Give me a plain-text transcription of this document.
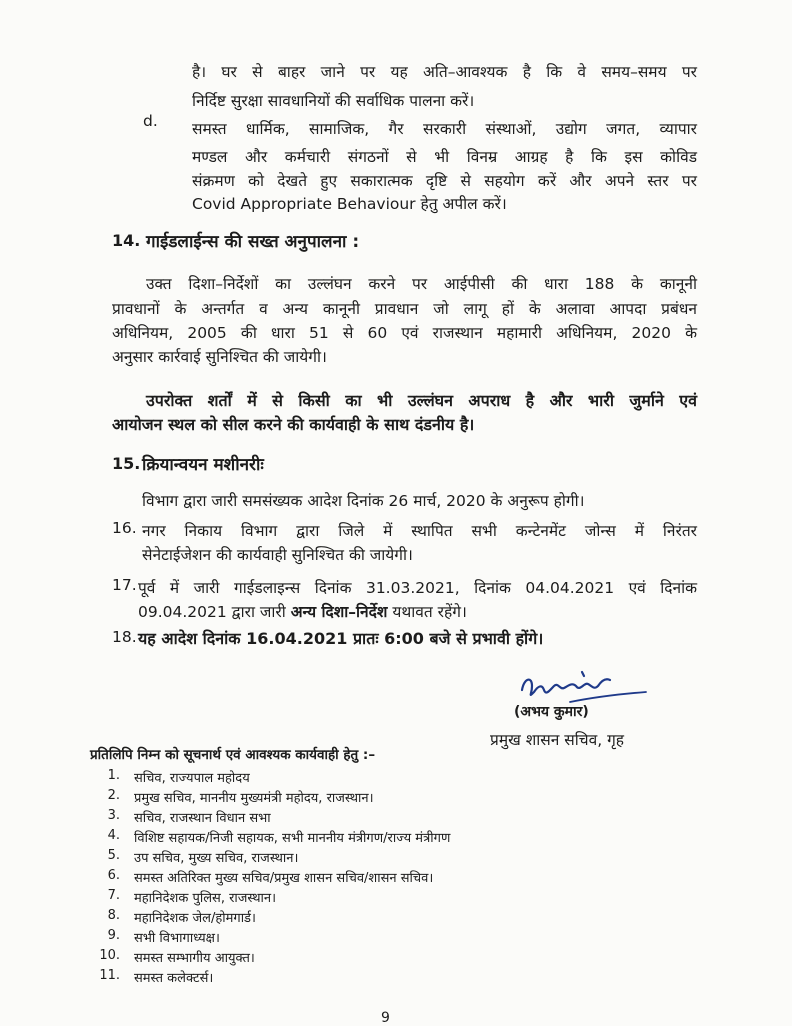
है। घर से बाहर जाने पर यह अति–आवश्यक है कि वे समय–समय पर
निर्दिष्ट सुरक्षा सावधानियों की सर्वाधिक पालना करें।
d. समस्त धार्मिक, सामाजिक, गैर सरकारी संस्थाओं, उद्योग जगत, व्यापार
मण्डल और कर्मचारी संगठनों से भी विनम्र आग्रह है कि इस कोविड
संक्रमण को देखते हुए सकारात्मक दृष्टि से सहयोग करें और अपने स्तर पर
Covid Appropriate Behaviour हेतु अपील करें।
14. गाईडलाईन्स की सख्त अनुपालना :
उक्त दिशा–निर्देशों का उल्लंघन करने पर आईपीसी की धारा 188 के कानूनी
प्रावधानों के अन्तर्गत व अन्य कानूनी प्रावधान जो लागू हों के अलावा आपदा प्रबंधन
अधिनियम, 2005 की धारा 51 से 60 एवं राजस्थान महामारी अधिनियम, 2020 के
अनुसार कार्रवाई सुनिश्चित की जायेगी।
उपरोक्त शर्तों में से किसी का भी उल्लंघन अपराध है और भारी जुर्माने एवं
आयोजन स्थल को सील करने की कार्यवाही के साथ दंडनीय है।
15. क्रियान्वयन मशीनरीः
विभाग द्वारा जारी समसंख्यक आदेश दिनांक 26 मार्च, 2020 के अनुरूप होगी।
16. नगर निकाय विभाग द्वारा जिले में स्थापित सभी कन्टेनमेंट जोन्स में निरंतर
सेनेटाईजेशन की कार्यवाही सुनिश्चित की जायेगी।
17. पूर्व में जारी गाईडलाइन्स दिनांक 31.03.2021, दिनांक 04.04.2021 एवं दिनांक
09.04.2021 द्वारा जारी अन्य दिशा–निर्देश यथावत रहेंगे।
18. यह आदेश दिनांक 16.04.2021 प्रातः 6:00 बजे से प्रभावी होंगे।
(अभय कुमार)
प्रमुख शासन सचिव, गृह
प्रतिलिपि निम्न को सूचनार्थ एवं आवश्यक कार्यवाही हेतु :–
1. सचिव, राज्यपाल महोदय
2. प्रमुख सचिव, माननीय मुख्यमंत्री महोदय, राजस्थान।
3. सचिव, राजस्थान विधान सभा
4. विशिष्ट सहायक/निजी सहायक, सभी माननीय मंत्रीगण/राज्य मंत्रीगण
5. उप सचिव, मुख्य सचिव, राजस्थान।
6. समस्त अतिरिक्त मुख्य सचिव/प्रमुख शासन सचिव/शासन सचिव।
7. महानिदेशक पुलिस, राजस्थान।
8. महानिदेशक जेल/होमगार्ड।
9. सभी विभागाध्यक्ष।
10. समस्त सम्भागीय आयुक्त।
11. समस्त कलेक्टर्स।
9
